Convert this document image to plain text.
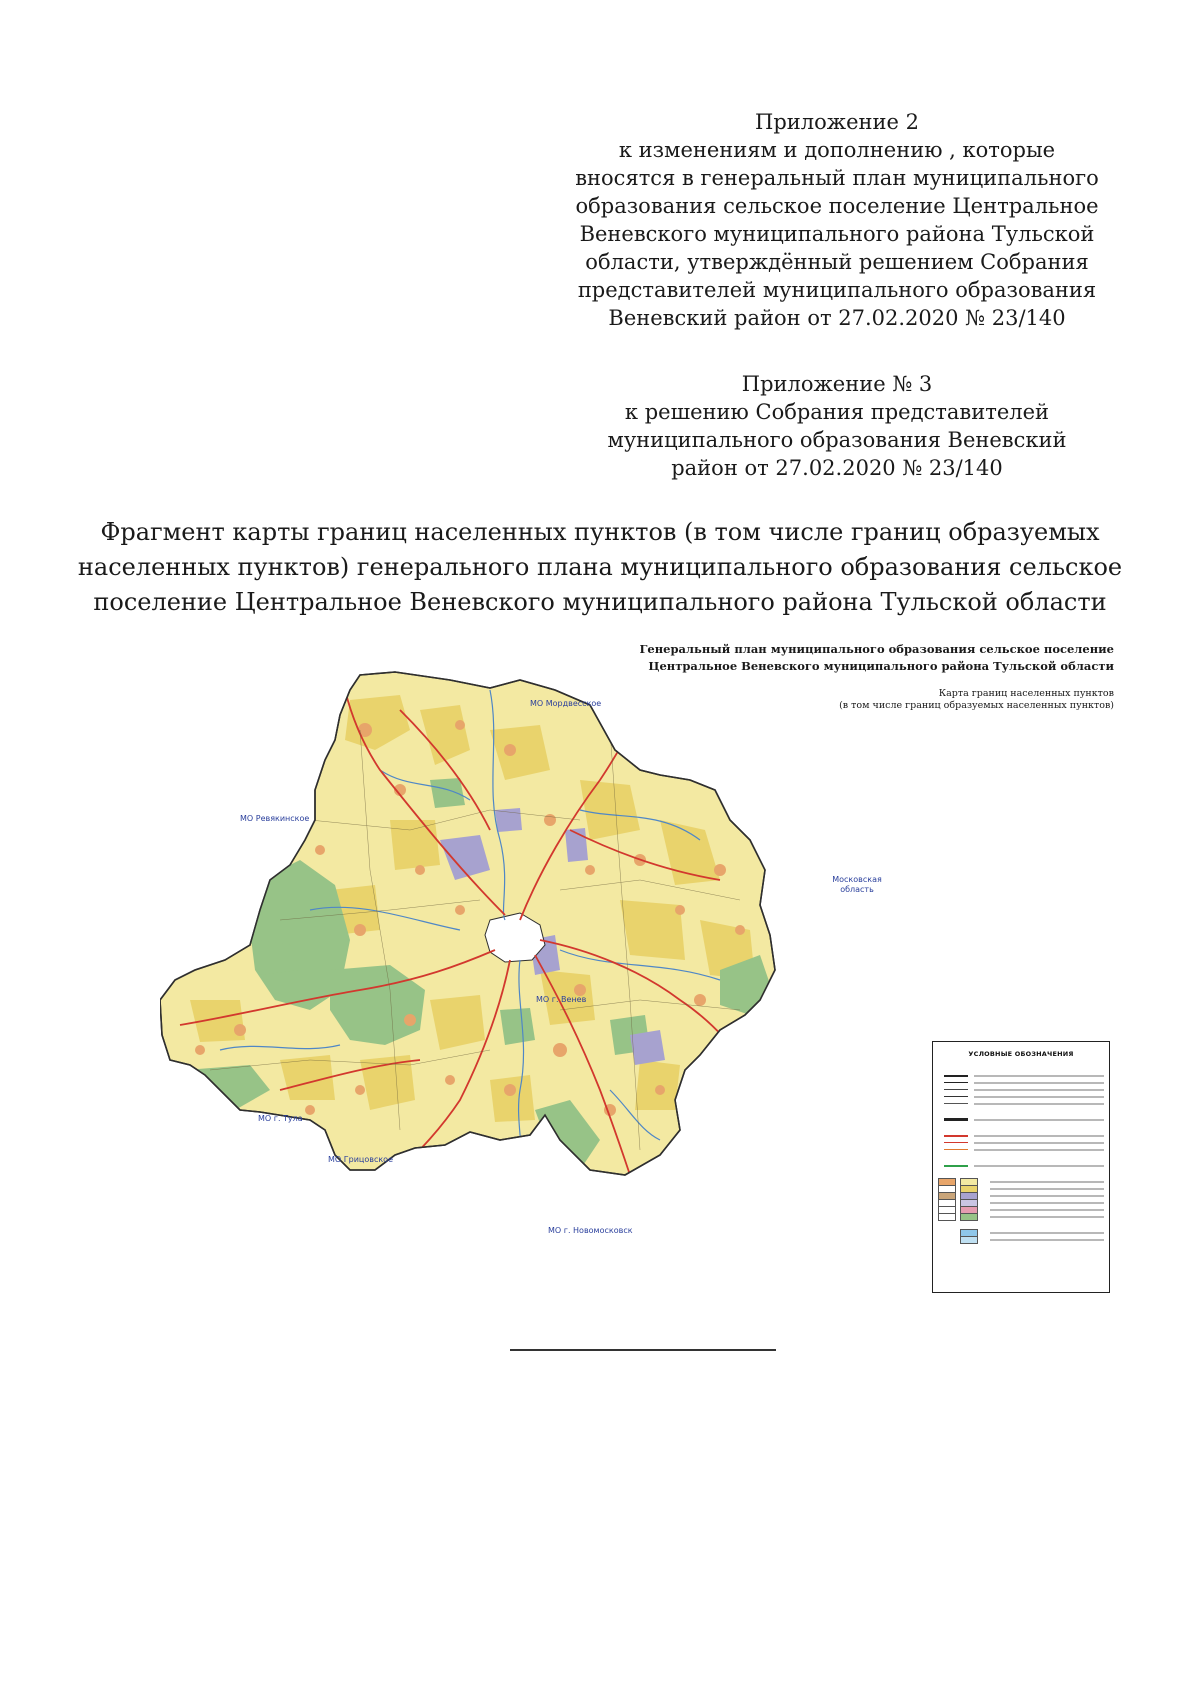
Приложение 2
к изменениям и дополнению , которые
вносятся в генеральный план муниципального
образования сельское поселение Центральное
Веневского муниципального района Тульской
области, утверждённый решением Собрания
представителей муниципального образования
Веневский район от 27.02.2020 № 23/140
Приложение № 3
к решению Собрания представителей
муниципального образования Веневский
район от 27.02.2020 № 23/140
Фрагмент карты границ населенных пунктов (в том числе границ образуемых
населенных пунктов) генерального плана муниципального образования сельское
поселение Центральное Веневского муниципального района Тульской области
Генеральный план муниципального образования сельское поселение
Центральное Веневского муниципального района Тульской области
Карта границ населенных пунктов
(в том числе границ образуемых населенных пунктов)
МО Мордвесское
МО Ревякинское
Московская область
МО г. Венев
МО г. Тула
МО Грицовское
МО г. Новомосковск
УСЛОВНЫЕ ОБОЗНАЧЕНИЯ
